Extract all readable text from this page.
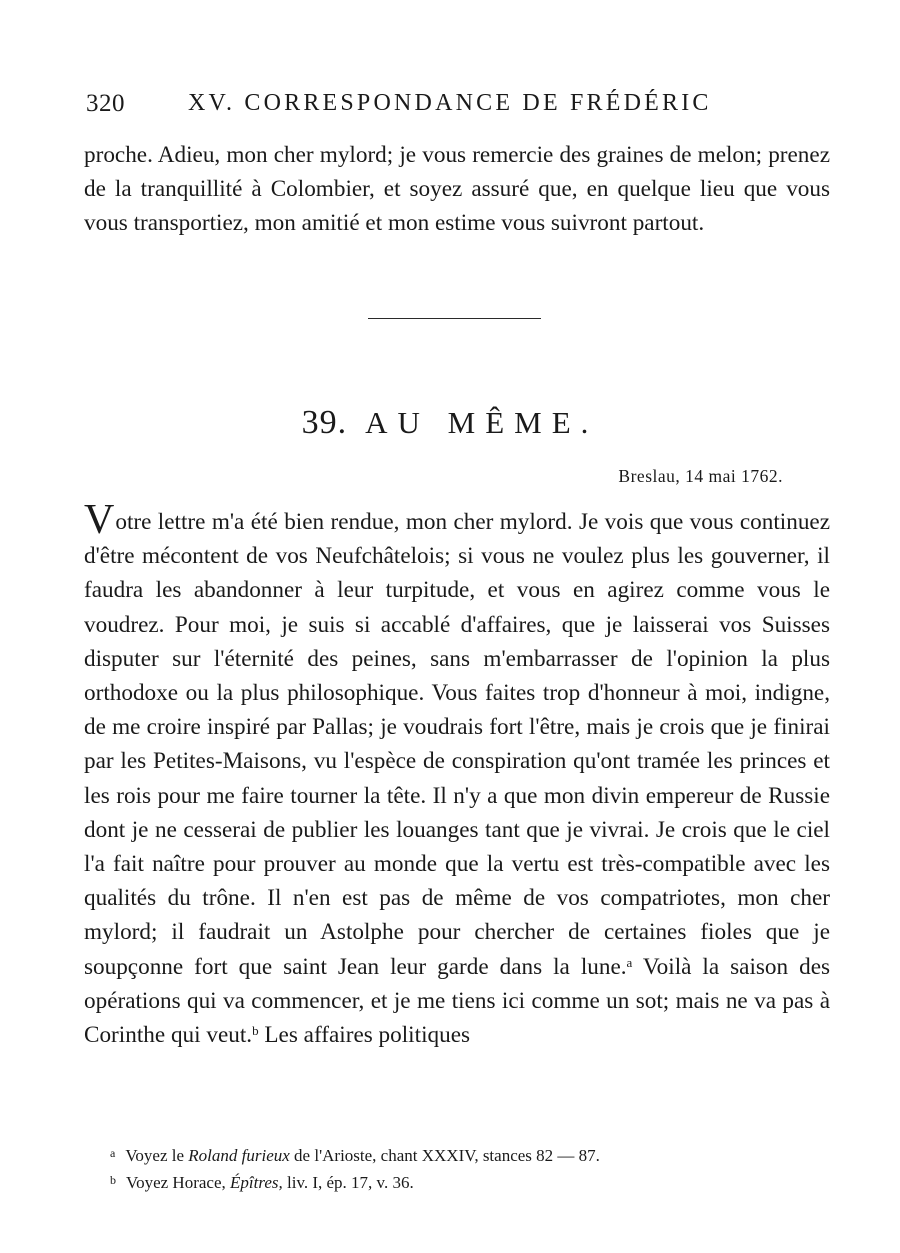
320	XV. CORRESPONDANCE DE FRÉDÉRIC

proche. Adieu, mon cher mylord; je vous remercie des graines de melon; prenez de la tranquillité à Colombier, et soyez assuré que, en quelque lieu que vous vous transportiez, mon amitié et mon estime vous suivront partout.

39. AU MÊME.
Breslau, 14 mai 1762.

Votre lettre m'a été bien rendue, mon cher mylord. Je vois que vous continuez d'être mécontent de vos Neufchâtelois; si vous ne voulez plus les gouverner, il faudra les abandonner à leur turpitude, et vous en agirez comme vous le voudrez. Pour moi, je suis si accablé d'affaires, que je laisserai vos Suisses disputer sur l'éternité des peines, sans m'embarrasser de l'opinion la plus orthodoxe ou la plus philosophique. Vous faites trop d'honneur à moi, indigne, de me croire inspiré par Pallas; je voudrais fort l'être, mais je crois que je finirai par les Petites-Maisons, vu l'espèce de conspiration qu'ont tramée les princes et les rois pour me faire tourner la tête. Il n'y a que mon divin empereur de Russie dont je ne cesserai de publier les louanges tant que je vivrai. Je crois que le ciel l'a fait naître pour prouver au monde que la vertu est très-compatible avec les qualités du trône. Il n'en est pas de même de vos compatriotes, mon cher mylord; il faudrait un Astolphe pour chercher de certaines fioles que je soupçonne fort que saint Jean leur garde dans la lune.$^a$ Voilà la saison des opérations qui va commencer, et je me tiens ici comme un sot; mais ne va pas à Corinthe qui veut.$^b$ Les affaires politiques

$^a$ Voyez le Roland furieux de l'Arioste, chant XXXIV, stances 82 — 87.
$^b$ Voyez Horace, Épîtres, liv. I, ép. 17, v. 36.
